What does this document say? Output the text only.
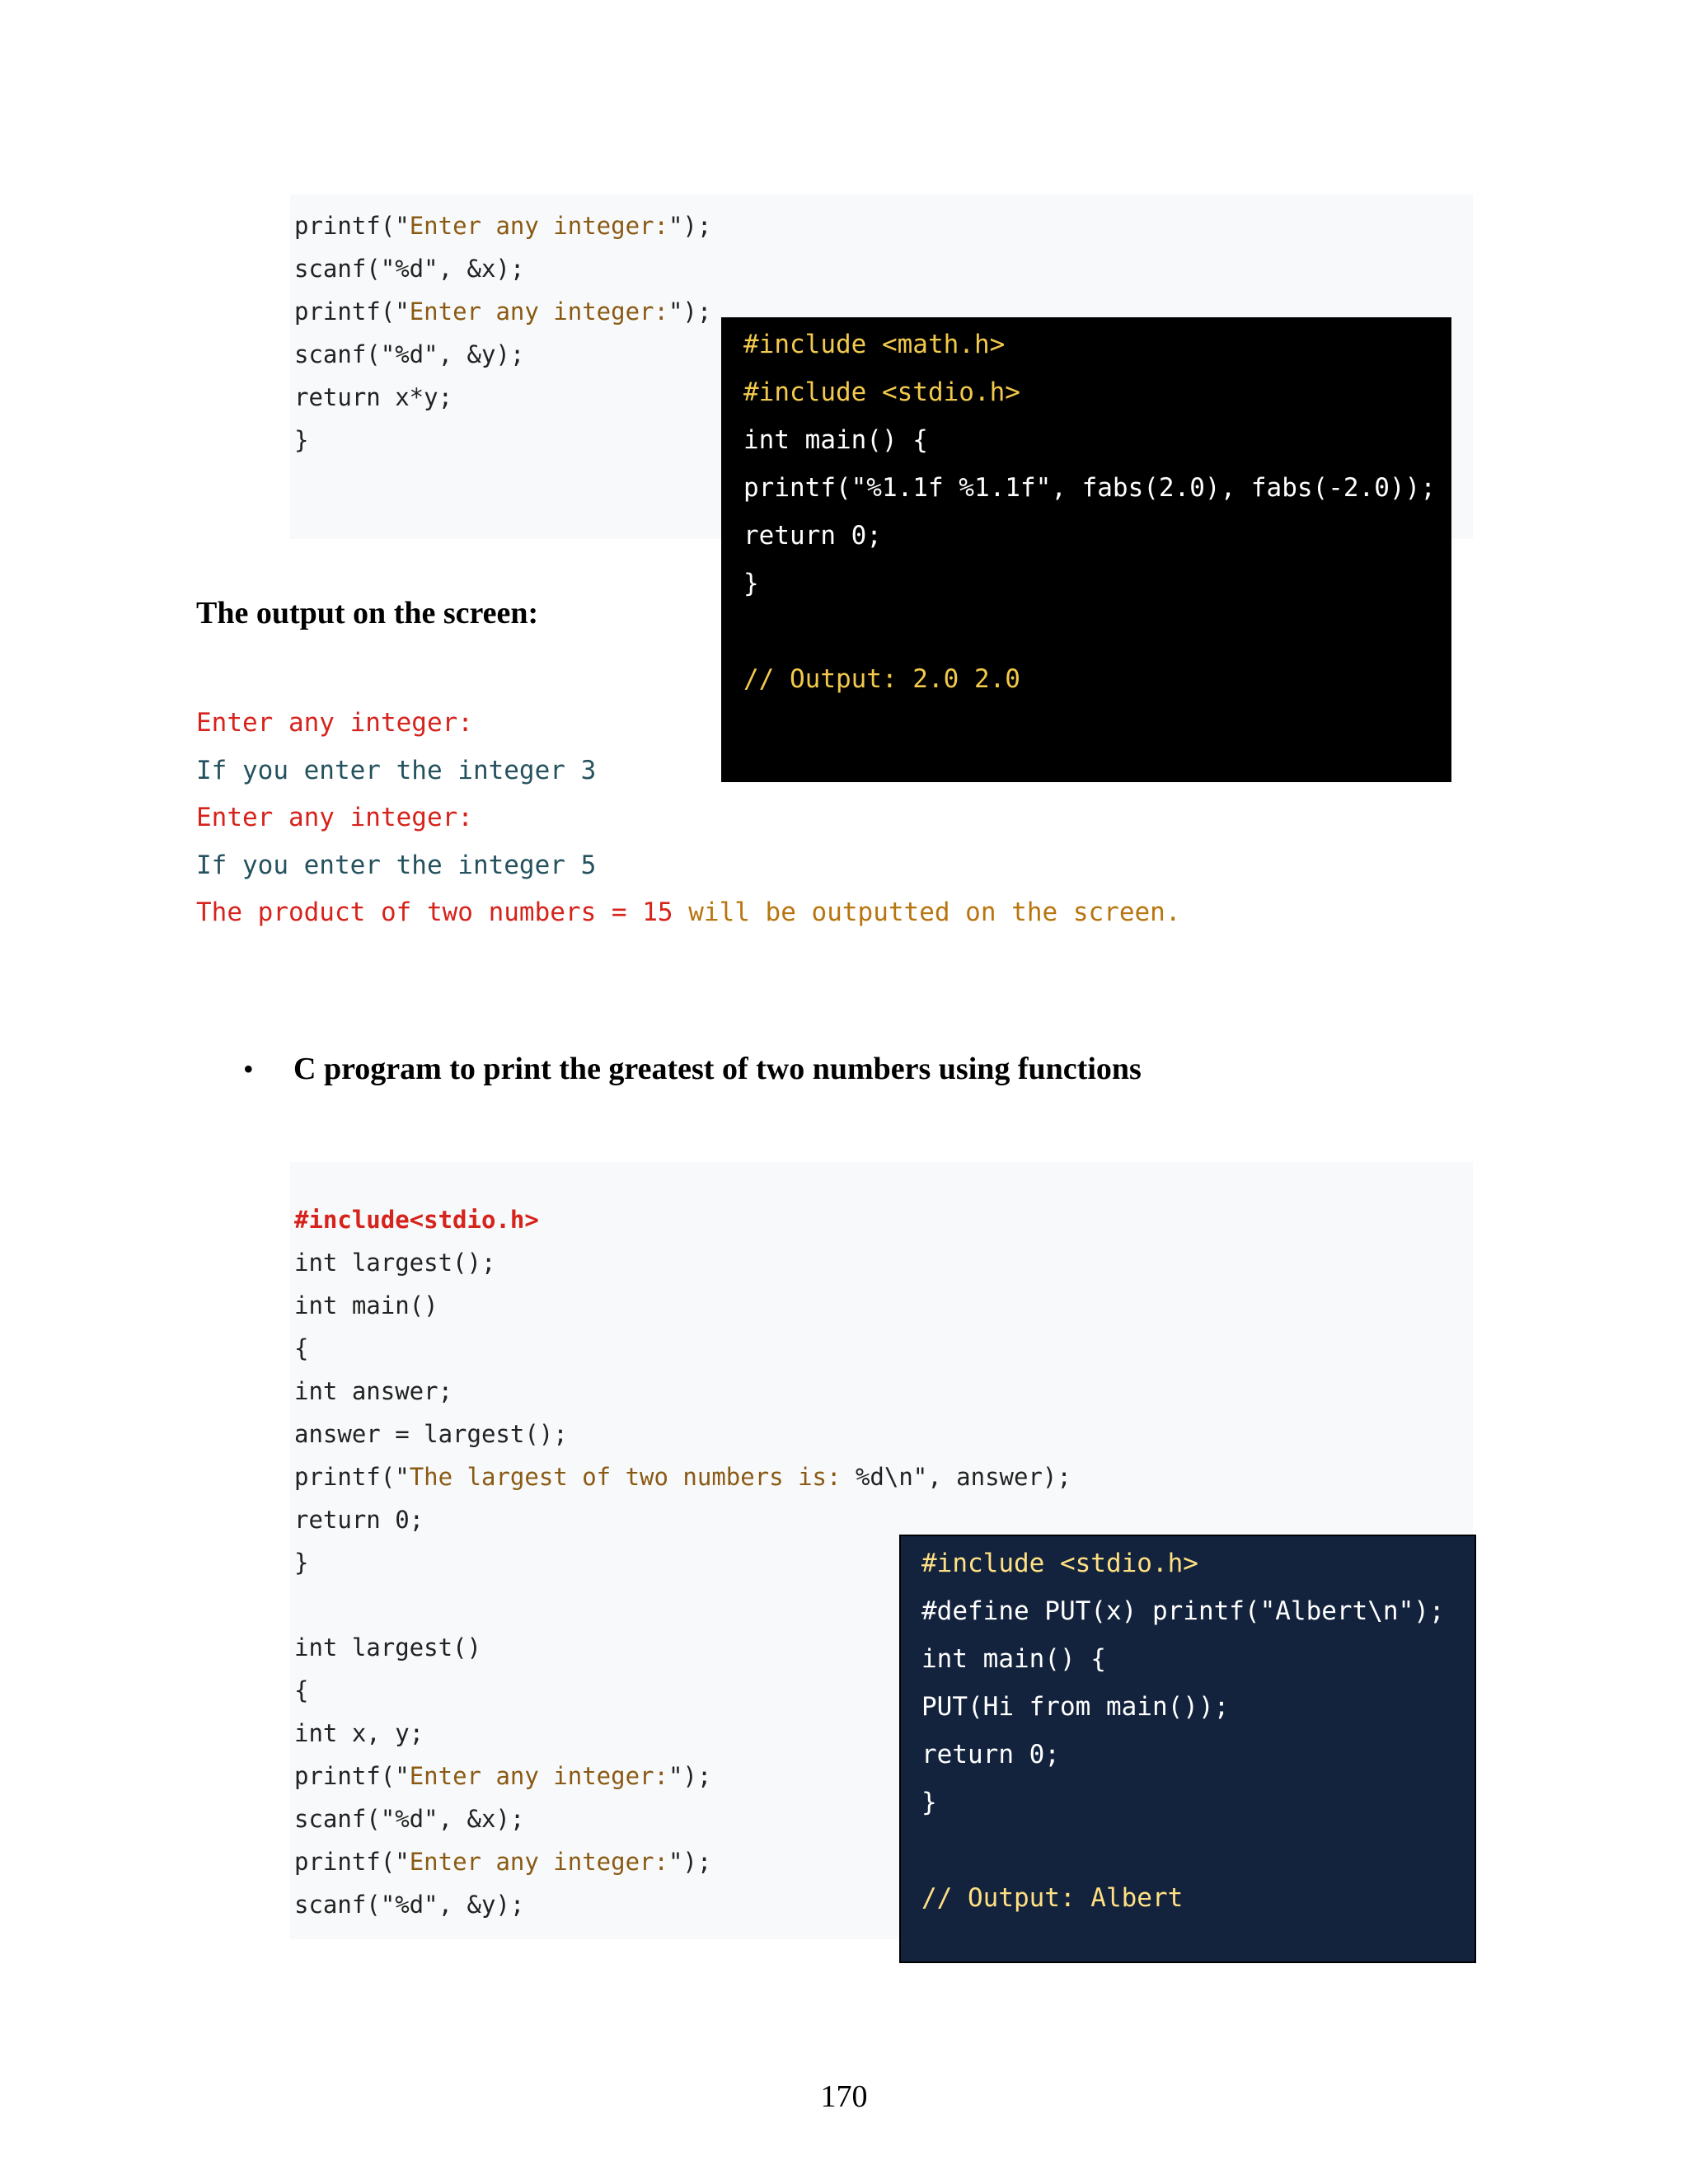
printf("Enter any integer:");
scanf("%d", &x);
printf("Enter any integer:");
scanf("%d", &y);
return x*y;
}
#include <math.h>
#include <stdio.h>
int main() {
printf("%1.1f %1.1f", fabs(2.0), fabs(-2.0));
return 0;
}
// Output: 2.0 2.0
The output on the screen:
Enter any integer:
If you enter the integer 3
Enter any integer:
If you enter the integer 5
The product of two numbers = 15 will be outputted on the screen.
• C program to print the greatest of two numbers using functions
#include<stdio.h>
int largest();
int main()
{
int answer;
answer = largest();
printf("The largest of two numbers is: %d\n", answer);
return 0;
}
int largest()
{
int x, y;
printf("Enter any integer:");
scanf("%d", &x);
printf("Enter any integer:");
scanf("%d", &y);
#include <stdio.h>
#define PUT(x) printf("Albert\n");
int main() {
PUT(Hi from main());
return 0;
}
// Output: Albert
170
